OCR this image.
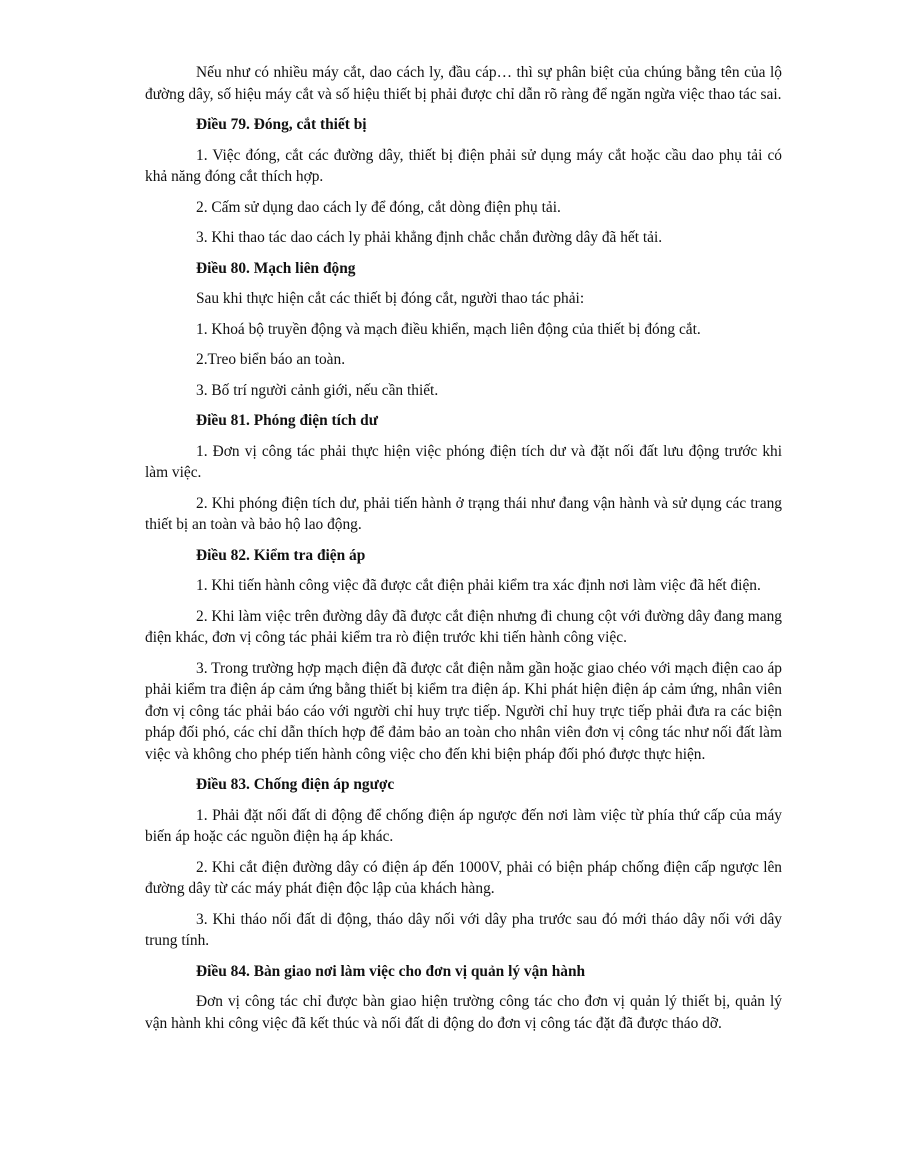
Nếu như có nhiều máy cắt, dao cách ly, đầu cáp… thì sự phân biệt của chúng bằng tên của lộ đường dây, số hiệu máy cắt và số hiệu thiết bị phải được chỉ dẫn rõ ràng để ngăn ngừa việc thao tác sai.

Điều 79. Đóng, cắt thiết bị

1. Việc đóng, cắt các đường dây, thiết bị điện phải sử dụng máy cắt hoặc cầu dao phụ tải có khả năng đóng cắt thích hợp.

2. Cấm sử dụng dao cách ly để đóng, cắt dòng điện phụ tải.

3. Khi thao tác dao cách ly phải khẳng định chắc chắn đường dây đã hết tải.

Điều 80. Mạch liên động

Sau khi thực hiện cắt các thiết bị đóng cắt, người thao tác phải:

1. Khoá bộ truyền động và mạch điều khiển, mạch liên động của thiết bị đóng cắt.

2.Treo biển báo an toàn.

3. Bố trí người cảnh giới, nếu cần thiết.

Điều 81. Phóng điện tích dư

1. Đơn vị công tác phải thực hiện việc phóng điện tích dư và đặt nối đất lưu động trước khi làm việc.

2. Khi phóng điện tích dư, phải tiến hành ở trạng thái như đang vận hành và sử dụng các trang thiết bị an toàn và bảo hộ lao động.

Điều 82. Kiểm tra điện áp

1. Khi tiến hành công việc đã được cắt điện phải kiểm tra xác định nơi làm việc đã hết điện.

2. Khi làm việc trên đường dây đã được cắt điện nhưng đi chung cột với đường dây đang mang điện khác, đơn vị công tác phải kiểm tra rò điện trước khi tiến hành công việc.

3. Trong trường hợp mạch điện đã được cắt điện nằm gần hoặc giao chéo với mạch điện cao áp phải kiểm tra điện áp cảm ứng bằng thiết bị kiểm tra điện áp. Khi phát hiện điện áp cảm ứng, nhân viên đơn vị công tác phải báo cáo với người chỉ huy trực tiếp. Người chỉ huy trực tiếp phải đưa ra các biện pháp đối phó, các chỉ dẫn thích hợp để đảm bảo an toàn cho nhân viên đơn vị công tác như nối đất làm việc và không cho phép tiến hành công việc cho đến khi biện pháp đối phó được thực hiện.

Điều 83. Chống điện áp ngược

1. Phải đặt nối đất di động để chống điện áp ngược đến nơi làm việc từ phía thứ cấp của máy biến áp hoặc các nguồn điện hạ áp khác.

2. Khi cắt điện đường dây có điện áp đến 1000V, phải có biện pháp chống điện cấp ngược lên đường dây từ các máy phát điện độc lập của khách hàng.

3. Khi tháo nối đất di động, tháo dây nối với dây pha trước sau đó mới tháo dây nối với dây trung tính.

Điều 84. Bàn giao nơi làm việc cho đơn vị quản lý vận hành

Đơn vị công tác chỉ được bàn giao hiện trường công tác cho đơn vị quản lý thiết bị, quản lý vận hành khi công việc đã kết thúc và nối đất di động do đơn vị công tác đặt đã được tháo dỡ.
